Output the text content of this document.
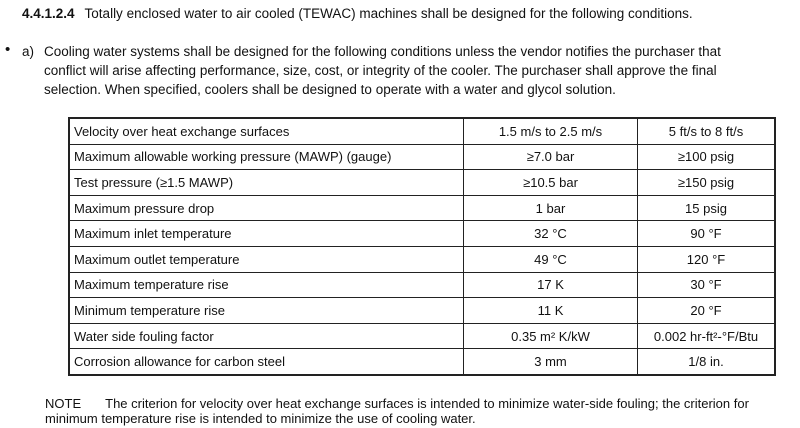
4.4.1.2.4 Totally enclosed water to air cooled (TEWAC) machines shall be designed for the following conditions.
• a) Cooling water systems shall be designed for the following conditions unless the vendor notifies the purchaser that
conflict will arise affecting performance, size, cost, or integrity of the cooler. The purchaser shall approve the final
selection. When specified, coolers shall be designed to operate with a water and glycol solution.
Velocity over heat exchange surfaces	1.5 m/s to 2.5 m/s	5 ft/s to 8 ft/s
Maximum allowable working pressure (MAWP) (gauge)	≥7.0 bar	≥100 psig
Test pressure (≥1.5 MAWP)	≥10.5 bar	≥150 psig
Maximum pressure drop	1 bar	15 psig
Maximum inlet temperature	32 °C	90 °F
Maximum outlet temperature	49 °C	120 °F
Maximum temperature rise	17 K	30 °F
Minimum temperature rise	11 K	20 °F
Water side fouling factor	0.35 m² K/kW	0.002 hr-ft²-°F/Btu
Corrosion allowance for carbon steel	3 mm	1/8 in.
NOTE The criterion for velocity over heat exchange surfaces is intended to minimize water-side fouling; the criterion for minimum temperature rise is intended to minimize the use of cooling water.
